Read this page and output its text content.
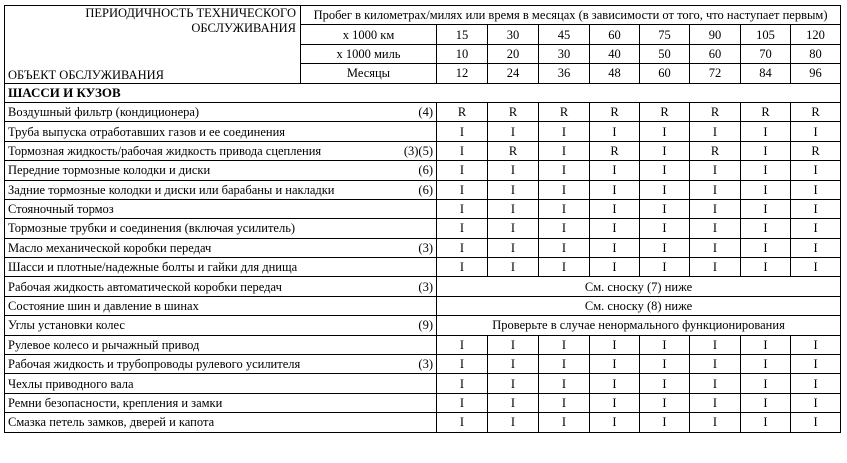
ПЕРИОДИЧНОСТЬ ТЕХНИЧЕСКОГО
ОБСЛУЖИВАНИЯ	Пробег в километрах/милях или время в месяцах (в зависимости от того, что наступает первым)								
	x 1000 км	15	30	45	60	75	90	105	120
ОБЪЕКТ ОБСЛУЖИВАНИЯ	x 1000 миль	10	20	30	40	50	60	70	80
	Месяцы	12	24	36	48	60	72	84	96
ШАССИ И КУЗОВ									
Воздушный фильтр (кондиционера)	(4)	R	R	R	R	R	R	R	R
Труба выпуска отработавших газов и ее соединения		I	I	I	I	I	I	I	I
Тормозная жидкость/рабочая жидкость привода сцепления	(3)(5)	I	R	I	R	I	R	I	R
Передние тормозные колодки и диски	(6)	I	I	I	I	I	I	I	I
Задние тормозные колодки и диски или барабаны и накладки	(6)	I	I	I	I	I	I	I	I
Стояночный тормоз		I	I	I	I	I	I	I	I
Тормозные трубки и соединения (включая усилитель)		I	I	I	I	I	I	I	I
Масло механической коробки передач	(3)	I	I	I	I	I	I	I	I
Шасси и плотные/надежные болты и гайки для днища		I	I	I	I	I	I	I	I
Рабочая жидкость автоматической коробки передач	(3)	См. сноску (7) ниже							
Состояние шин и давление в шинах		См. сноску (8) ниже							
Углы установки колес	(9)	Проверьте в случае ненормального функционирования							
Рулевое колесо и рычажный привод		I	I	I	I	I	I	I	I
Рабочая жидкость и трубопроводы рулевого усилителя	(3)	I	I	I	I	I	I	I	I
Чехлы приводного вала		I	I	I	I	I	I	I	I
Ремни безопасности, крепления и замки		I	I	I	I	I	I	I	I
Смазка петель замков, дверей и капота		I	I	I	I	I	I	I	I
